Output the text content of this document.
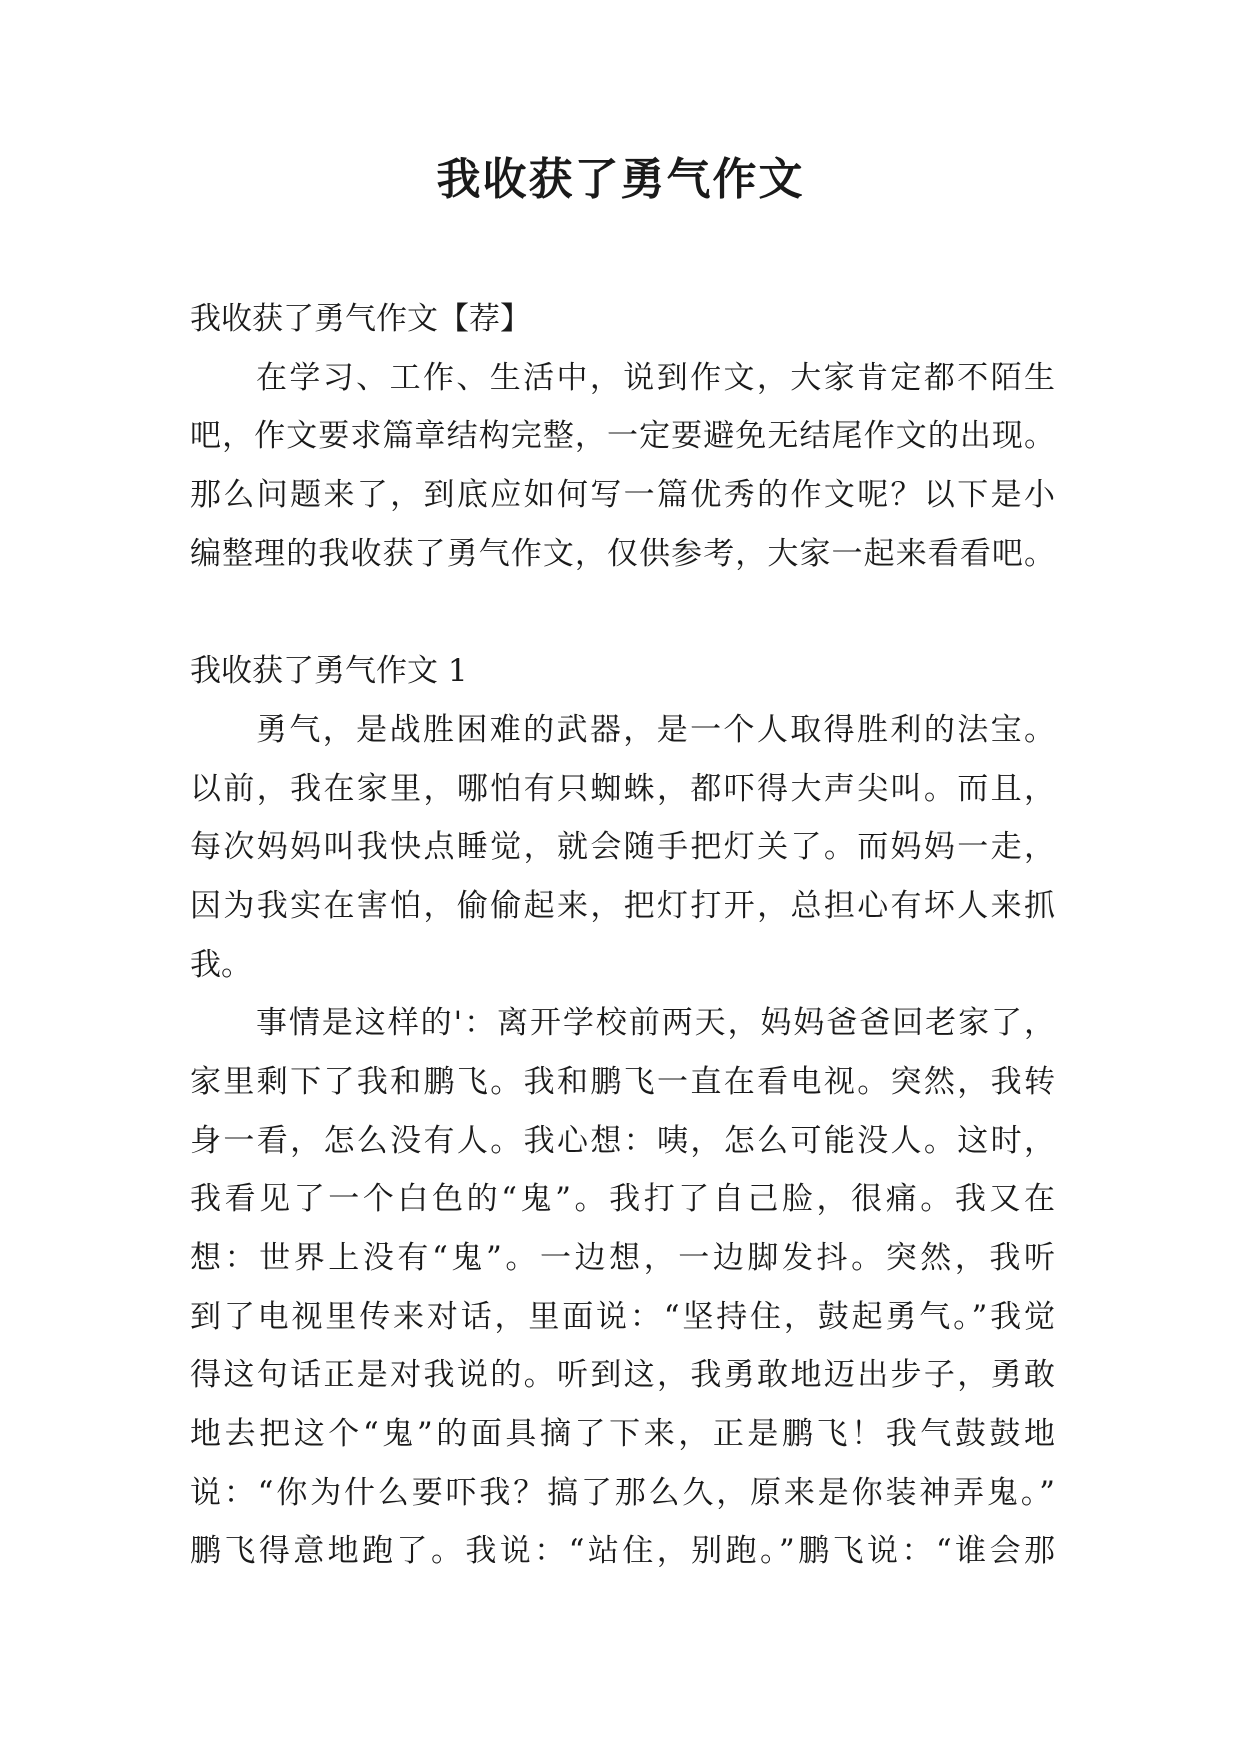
我收获了勇气作文
我收获了勇气作文【荐】
在学习、工作、生活中，说到作文，大家肯定都不陌生
吧，作文要求篇章结构完整，一定要避免无结尾作文的出现。
那么问题来了，到底应如何写一篇优秀的作文呢？以下是小
编整理的我收获了勇气作文，仅供参考，大家一起来看看吧。
我收获了勇气作文 1
勇气，是战胜困难的武器，是一个人取得胜利的法宝。
以前，我在家里，哪怕有只蜘蛛，都吓得大声尖叫。而且，
每次妈妈叫我快点睡觉，就会随手把灯关了。而妈妈一走，
因为我实在害怕，偷偷起来，把灯打开，总担心有坏人来抓
我。
事情是这样的'：离开学校前两天，妈妈爸爸回老家了，
家里剩下了我和鹏飞。我和鹏飞一直在看电视。突然，我转
身一看，怎么没有人。我心想：咦，怎么可能没人。这时，
我看见了一个白色的“鬼”。我打了自己脸，很痛。我又在
想：世界上没有“鬼”。一边想，一边脚发抖。突然，我听
到了电视里传来对话，里面说：“坚持住，鼓起勇气。”我觉
得这句话正是对我说的。听到这，我勇敢地迈出步子，勇敢
地去把这个“鬼”的面具摘了下来，正是鹏飞！我气鼓鼓地
说：“你为什么要吓我？搞了那么久，原来是你装神弄鬼。”
鹏飞得意地跑了。我说：“站住，别跑。”鹏飞说：“谁会那
